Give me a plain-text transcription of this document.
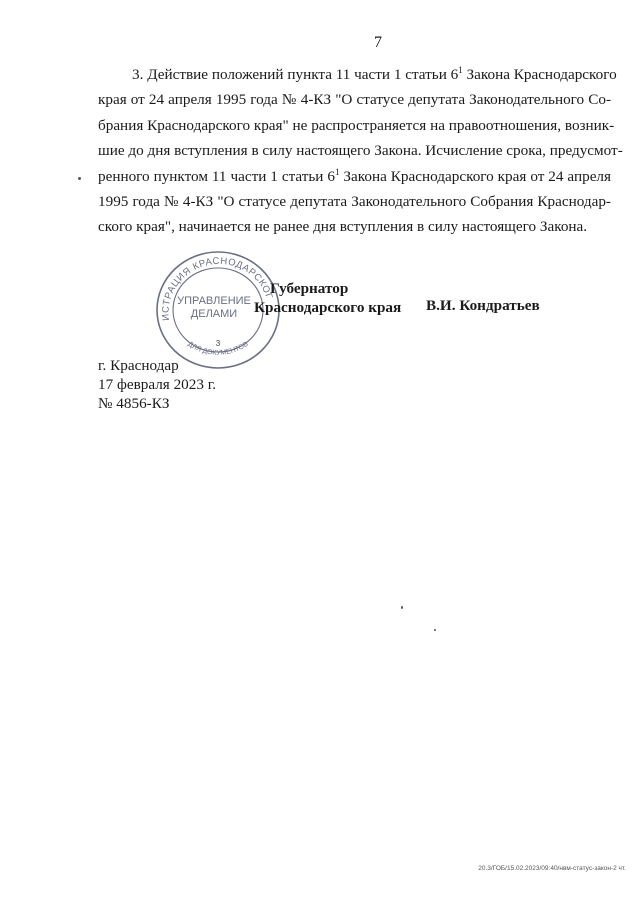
7
3. Действие положений пункта 11 части 1 статьи $6^1$ Закона Краснодарского
края от 24 апреля 1995 года № 4-КЗ "О статусе депутата Законодательного Со-
брания Краснодарского края" не распространяется на правоотношения, возник-
шие до дня вступления в силу настоящего Закона. Исчисление срока, предусмот-
ренного пунктом 11 части 1 статьи $6^1$ Закона Краснодарского края от 24 апреля
1995 года № 4-КЗ "О статусе депутата Законодательного Собрания Краснодар-
ского края", начинается не ранее дня вступления в силу настоящего Закона.
АДМИНИСТРАЦИЯ КРАСНОДАРСКОГО
ДЛЯ ДОКУМЕНТОВ
УПРАВЛЕНИЕ
ДЕЛАМИ
3
Губернатор
Краснодарского края В.И. Кондратьев
г. Краснодар
17 февраля 2023 г.
№ 4856-КЗ
20.3/ГОБ/15.02.2023/09:40/нвм-статус-закон-2 чт.
